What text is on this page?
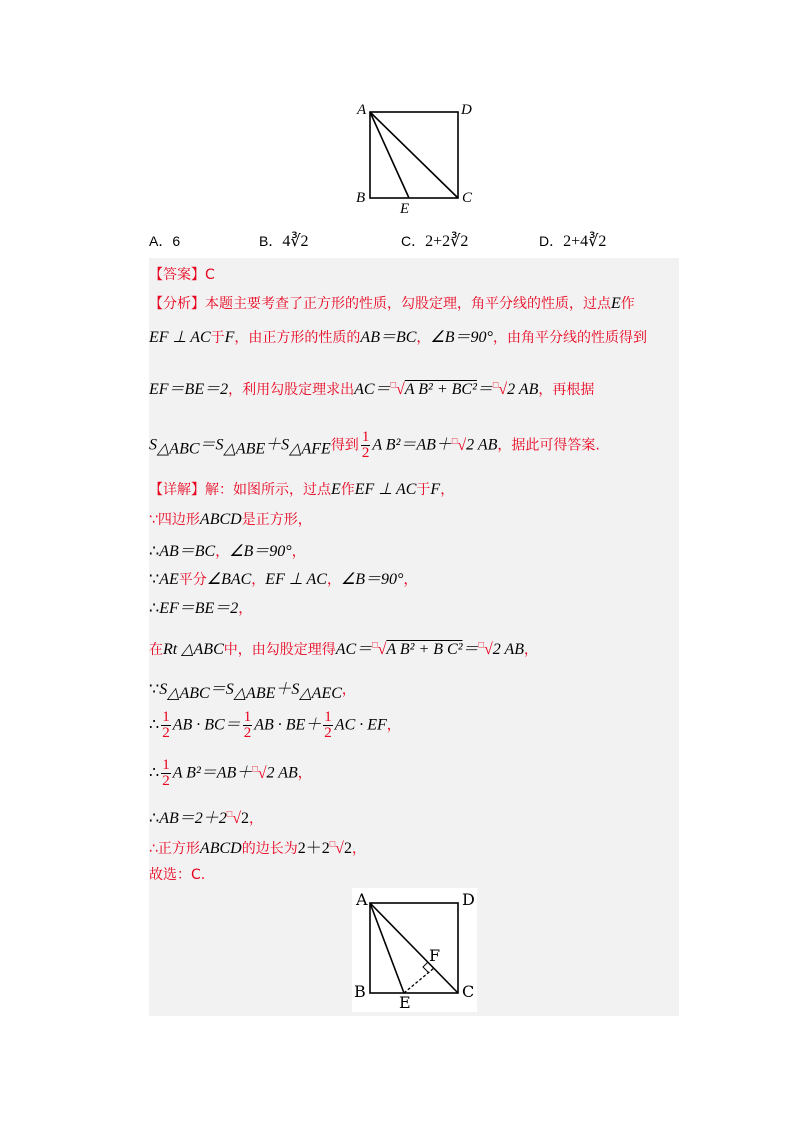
A	D
B	C
E
A．6	B．4∛2	C．2+2∛2	D．2+4∛2
【答案】C
【分析】本题主要考查了正方形的性质，勾股定理，角平分线的性质，过点E作
EF ⊥ AC于F，由正方形的性质的AB＝BC，∠B＝90°，由角平分线的性质得到
EF＝BE＝2，利用勾股定理求出AC＝□√A B² + BC²＝□√2 AB，再根据
$S_{\triangle ABC}=S_{\triangle ABE}+S_{\triangle AFE}$得到 $\frac{1}{2}$ A B²＝AB＋□√2 AB，据此可得答案.
【详解】解：如图所示，过点E作EF ⊥ AC于F，
∵四边形ABCD是正方形，
∴AB＝BC，∠B＝90°，
∵AE平分∠BAC，EF ⊥ AC，∠B＝90°，
∴EF＝BE＝2，
在Rt △ABC中，由勾股定理得AC＝□√A B² + B C²＝□√2 AB，
$\because S_{\triangle ABC}=S_{\triangle ABE}+S_{\triangle AEC}$，
∴ $\frac{1}{2}$ AB · $BC= \frac{1}{2}$ AB · $BE+ \frac{1}{2}$ AC · EF，
∴ $\frac{1}{2}$ A B²＝AB＋□√2 AB，
∴AB＝2＋2□√2，
∴正方形ABCD的边长为2＋2□√2，
故选：C.
A	D
B	C
E
F
